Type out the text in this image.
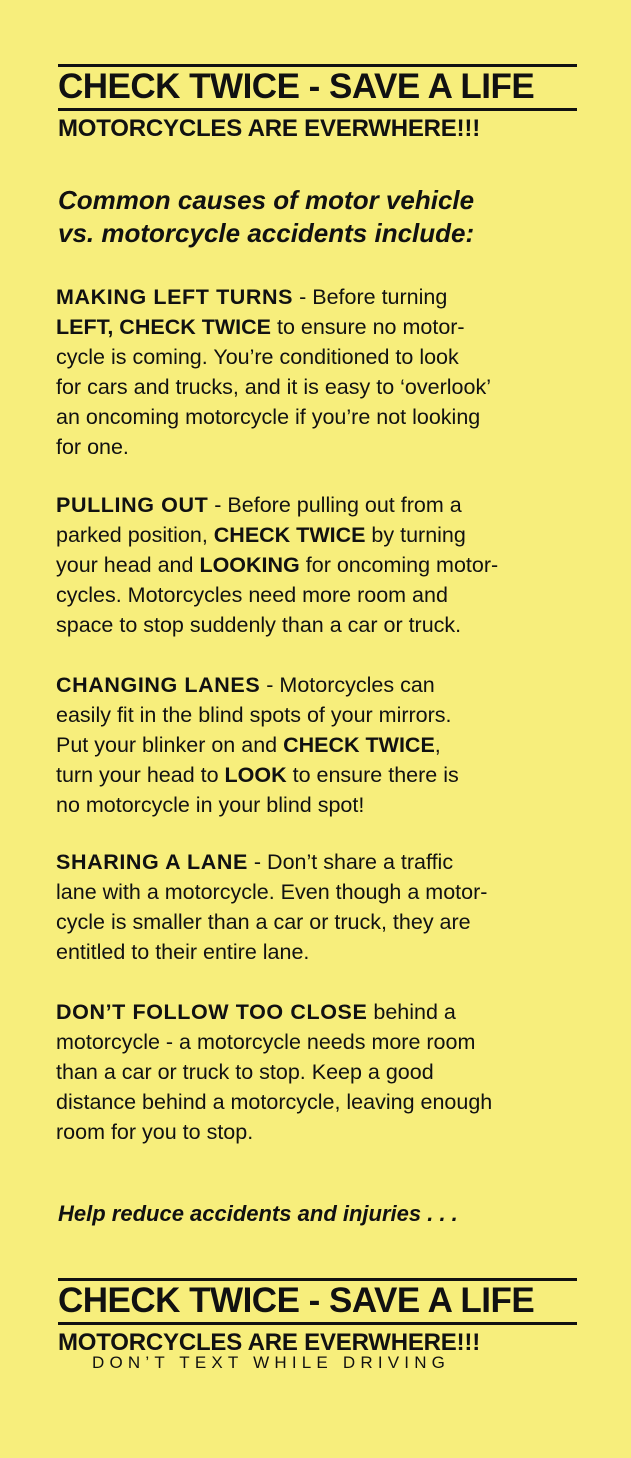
CHECK TWICE - SAVE A LIFE
MOTORCYCLES ARE EVERWHERE!!!
Common causes of motor vehicle
vs. motorcycle accidents include:
MAKING LEFT TURNS - Before turning
LEFT, CHECK TWICE to ensure no motor-
cycle is coming. You’re conditioned to look
for cars and trucks, and it is easy to ‘overlook’
an oncoming motorcycle if you’re not looking
for one.
PULLING OUT - Before pulling out from a
parked position, CHECK TWICE by turning
your head and LOOKING for oncoming motor-
cycles. Motorcycles need more room and
space to stop suddenly than a car or truck.
CHANGING LANES - Motorcycles can
easily fit in the blind spots of your mirrors.
Put your blinker on and CHECK TWICE,
turn your head to LOOK to ensure there is
no motorcycle in your blind spot!
SHARING A LANE - Don’t share a traffic
lane with a motorcycle. Even though a motor-
cycle is smaller than a car or truck, they are
entitled to their entire lane.
DON’T FOLLOW TOO CLOSE behind a
motorcycle - a motorcycle needs more room
than a car or truck to stop. Keep a good
distance behind a motorcycle, leaving enough
room for you to stop.
Help reduce accidents and injuries . . .
CHECK TWICE - SAVE A LIFE
MOTORCYCLES ARE EVERWHERE!!!
DON’T TEXT WHILE DRIVING
